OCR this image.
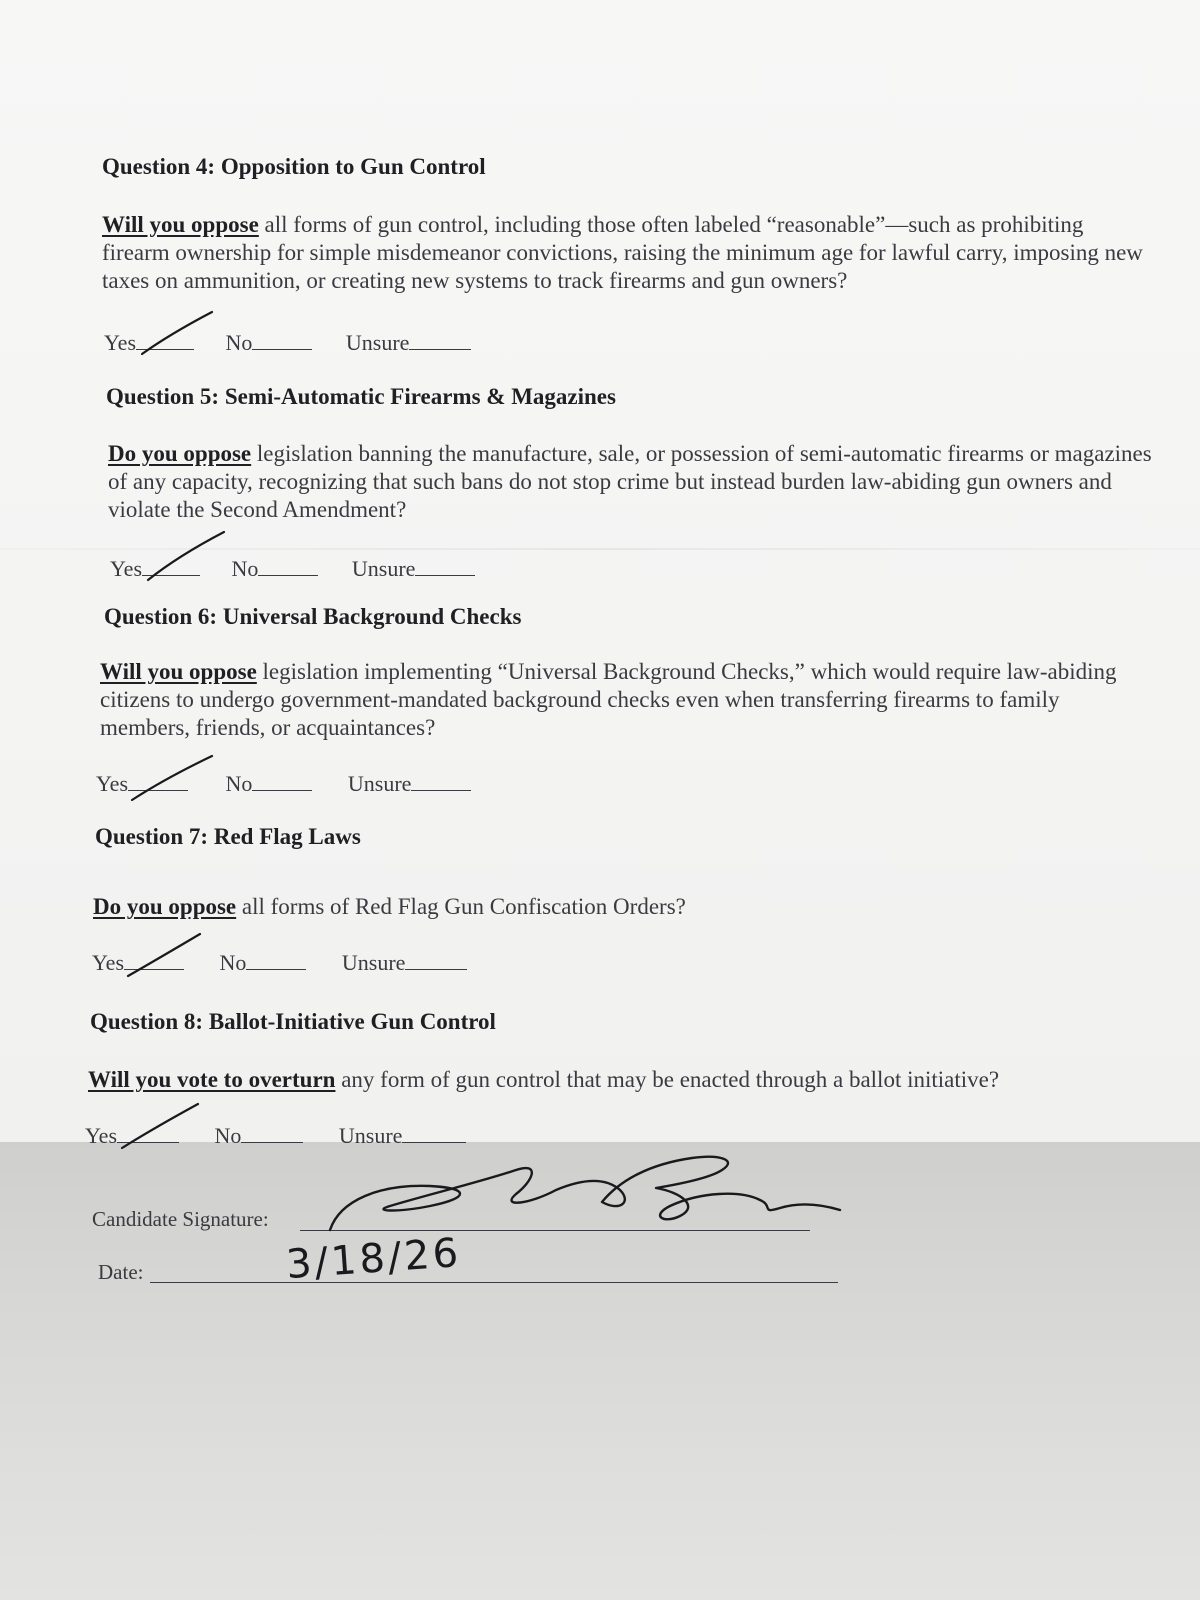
Question 4: Opposition to Gun Control
Will you oppose all forms of gun control, including those often labeled “reasonable”—such as prohibiting firearm ownership for simple misdemeanor convictions, raising the minimum age for lawful carry, imposing new taxes on ammunition, or creating new systems to track firearms and gun owners?
Yes	No	Unsure
Question 5: Semi-Automatic Firearms & Magazines
Do you oppose legislation banning the manufacture, sale, or possession of semi-automatic firearms or magazines of any capacity, recognizing that such bans do not stop crime but instead burden law-abiding gun owners and violate the Second Amendment?
Yes	No	Unsure
Question 6: Universal Background Checks
Will you oppose legislation implementing “Universal Background Checks,” which would require law-abiding citizens to undergo government-mandated background checks even when transferring firearms to family members, friends, or acquaintances?
Yes	No	Unsure
Question 7: Red Flag Laws
Do you oppose all forms of Red Flag Gun Confiscation Orders?
Yes	No	Unsure
Question 8: Ballot-Initiative Gun Control
Will you vote to overturn any form of gun control that may be enacted through a ballot initiative?
Yes	No	Unsure
Candidate Signature:
Date:	3/18/26
